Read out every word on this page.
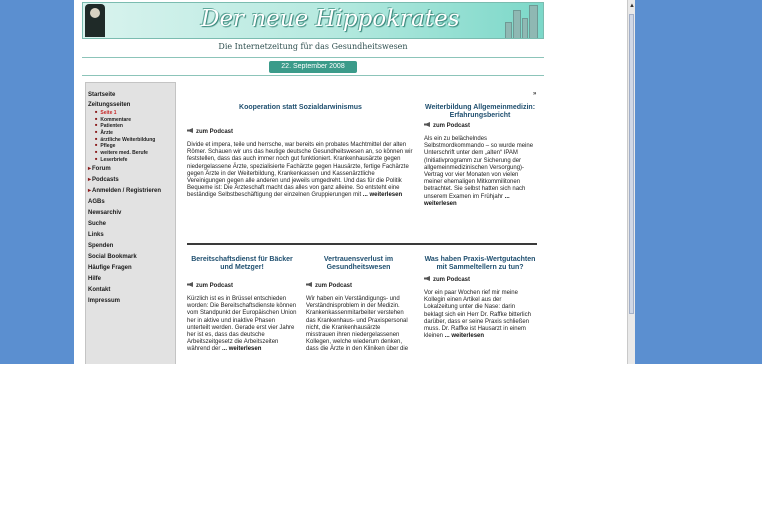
Der neue Hippokrates
Die Internetzeitung für das Gesundheitswesen
22. September 2008
Startseite
Zeitungsseiten
■ Seite 1
■ Kommentare
■ Patienten
■ Ärzte
■ ärztliche Weiterbildung
■ Pflege
■ weitere med. Berufe
■ Leserbriefe
▸ Forum
▸ Podcasts
▸ Anmelden / Registrieren
AGBs
Newsarchiv
Suche
Links
Spenden
Social Bookmark
Häufige Fragen
Hilfe
Kontakt
Impressum
»
Kooperation statt Sozialdarwinismus
zum Podcast
Divide et impera, teile und herrsche, war bereits ein probates Machtmittel der alten Römer. Schauen wir uns das heutige deutsche Gesundheitswesen an, so können wir feststellen, dass das auch immer noch gut funktioniert. Krankenhausärzte gegen niedergelassene Ärzte, spezialisierte Fachärzte gegen Hausärzte, fertige Fachärzte gegen Ärzte in der Weiterbildung, Krankenkassen und Kassenärztliche Vereinigungen gegen alle anderen und jeweils umgedreht. Und das für die Politik Bequeme ist: Die Ärzteschaft macht das alles von ganz alleine. So entsteht eine beständige Selbstbeschäftigung der einzelnen Gruppierungen mit ... weiterlesen
Weiterbildung Allgemeinmedizin: Erfahrungsbericht
zum Podcast
Als ein zu belächelndes Selbstmordkommando – so wurde meine Unterschrift unter dem „alten“ IPAM (Initiativprogramm zur Sicherung der allgemeinmedizinischen Versorgung)-Vertrag vor vier Monaten von vielen meiner ehemaligen Mitkommilitonen betrachtet. Sie selbst hatten sich nach unserem Examen im Frühjahr ... weiterlesen
Bereitschaftsdienst für Bäcker und Metzger!
zum Podcast
Kürzlich ist es in Brüssel entschieden worden: Die Bereitschaftsdienste können vom Standpunkt der Europäischen Union her in aktive und inaktive Phasen unterteilt werden. Gerade erst vier Jahre her ist es, dass das deutsche Arbeitszeitgesetz die Arbeitszeiten während der ... weiterlesen
Vertrauensverlust im Gesundheitswesen
zum Podcast
Wir haben ein Verständigungs- und Verständnisproblem in der Medizin. Krankenkassenmitarbeiter verstehen das Krankenhaus- und Praxispersonal nicht, die Krankenhausärzte misstrauen ihren niedergelassenen Kollegen, welche wiederum denken, dass die Ärzte in den Kliniken über die
Was haben Praxis-Wertgutachten mit Sammeltellern zu tun?
zum Podcast
Vor ein paar Wochen rief mir meine Kollegin einen Artikel aus der Lokalzeitung unter die Nase: darin beklagt sich ein Herr Dr. Raffke bitterlich darüber, dass er seine Praxis schließen muss. Dr. Raffke ist Hausarzt in einem kleinen ... weiterlesen
▲
